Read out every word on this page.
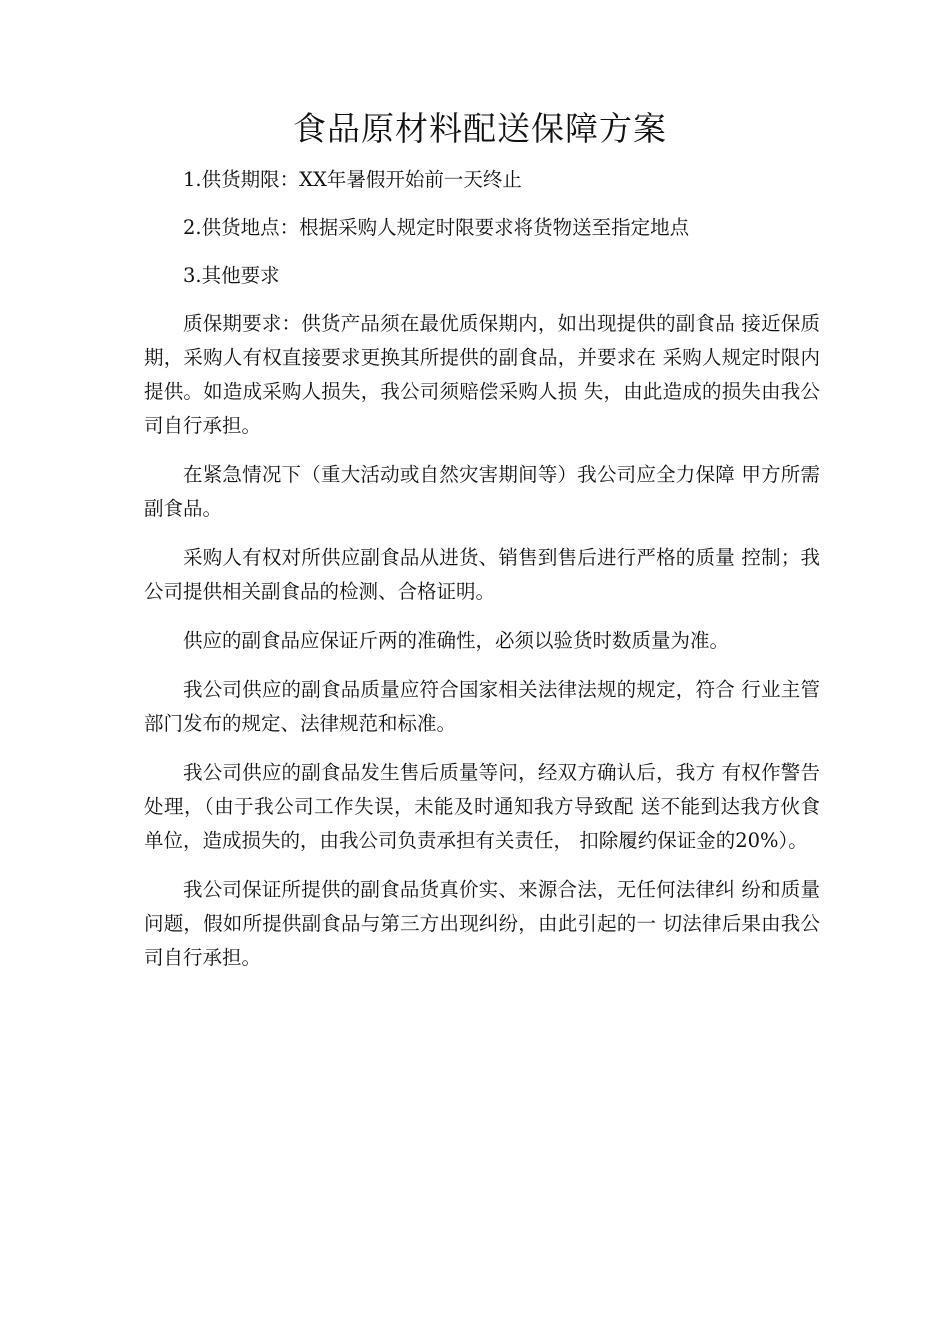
食品原材料配送保障方案

1.供货期限：XX年暑假开始前一天终止

2.供货地点：根据采购人规定时限要求将货物送至指定地点

3.其他要求

质保期要求：供货产品须在最优质保期内，如出现提供的副食品 接近保质期，采购人有权直接要求更换其所提供的副食品，并要求在 采购人规定时限内提供。如造成采购人损失，我公司须赔偿采购人损 失，由此造成的损失由我公司自行承担。

在紧急情况下（重大活动或自然灾害期间等）我公司应全力保障 甲方所需副食品。

采购人有权对所供应副食品从进货、销售到售后进行严格的质量 控制；我公司提供相关副食品的检测、合格证明。

供应的副食品应保证斤两的准确性，必须以验货时数质量为准。

我公司供应的副食品质量应符合国家相关法律法规的规定，符合 行业主管部门发布的规定、法律规范和标准。

我公司供应的副食品发生售后质量等问，经双方确认后，我方 有权作警告处理，（由于我公司工作失误，未能及时通知我方导致配 送不能到达我方伙食单位，造成损失的，由我公司负责承担有关责任， 扣除履约保证金的20%）。

我公司保证所提供的副食品货真价实、来源合法，无任何法律纠 纷和质量问题，假如所提供副食品与第三方出现纠纷，由此引起的一 切法律后果由我公司自行承担。
